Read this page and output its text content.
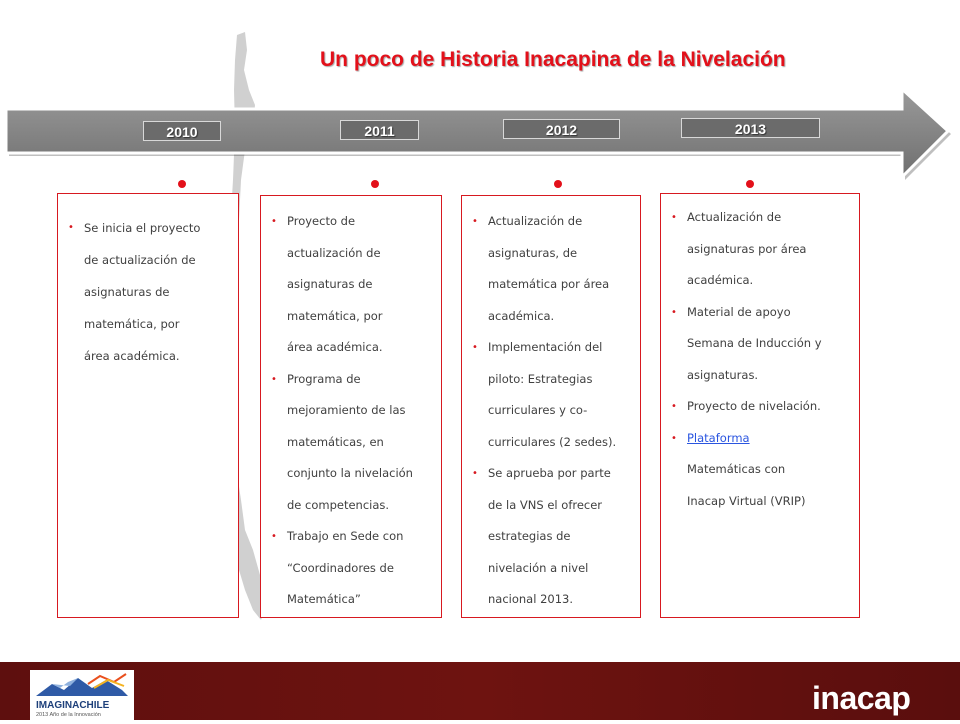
Un poco de Historia Inacapina de la Nivelación
2010	2011	2012	2013
• Se inicia el proyecto
de actualización de
asignaturas de
matemática, por
área académica.
• Proyecto de
actualización de
asignaturas de
matemática, por
área académica.
• Programa de
mejoramiento de las
matemáticas, en
conjunto la nivelación
de competencias.
• Trabajo en Sede con
“Coordinadores de
Matemática”
• Actualización de
asignaturas, de
matemática por área
académica.
• Implementación del
piloto: Estrategias
curriculares y co-
curriculares (2 sedes).
• Se aprueba por parte
de la VNS el ofrecer
estrategias de
nivelación a nivel
nacional 2013.
• Actualización de
asignaturas por área
académica.
• Material de apoyo
Semana de Inducción y
asignaturas.
• Proyecto de nivelación.
• Plataforma
Matemáticas con
Inacap Virtual (VRIP)
IMAGINACHILE
2013 Año de la Innovación	inacap
